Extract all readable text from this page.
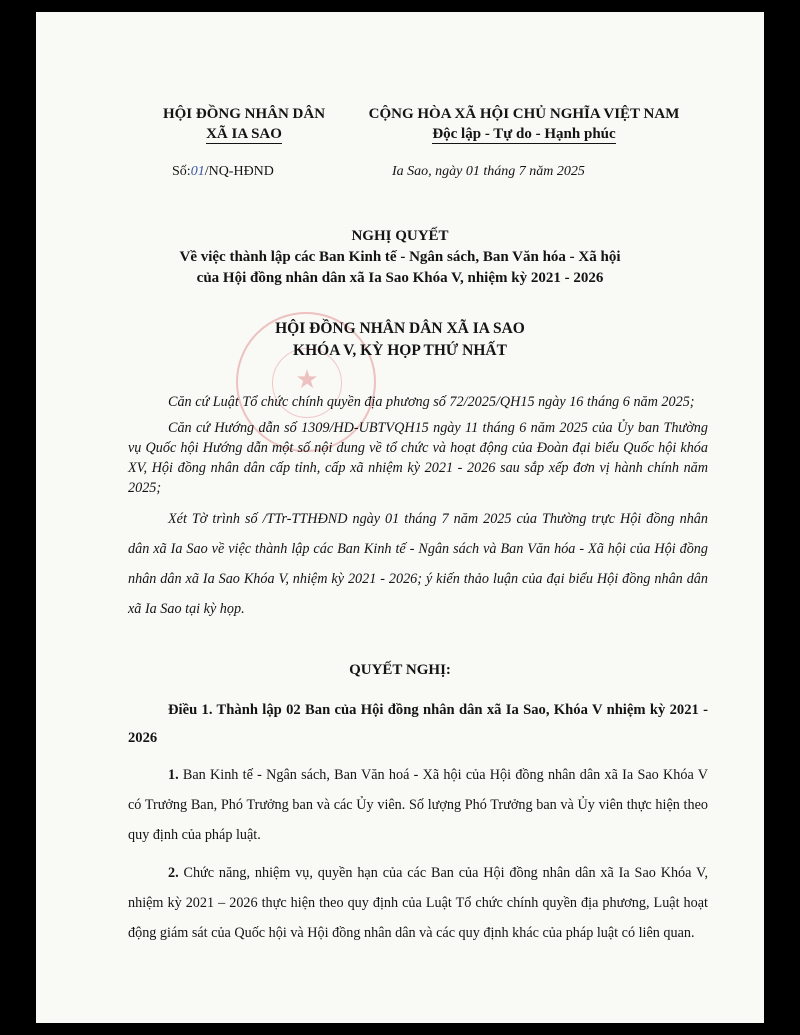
★
HỘI ĐỒNG NHÂN DÂN
XÃ IA SAO
CỘNG HÒA XÃ HỘI CHỦ NGHĨA VIỆT NAM
Độc lập - Tự do - Hạnh phúc
Số:01/NQ-HĐND	Ia Sao, ngày 01 tháng 7 năm 2025
NGHỊ QUYẾT
Về việc thành lập các Ban Kinh tế - Ngân sách, Ban Văn hóa - Xã hội
của Hội đồng nhân dân xã Ia Sao Khóa V, nhiệm kỳ 2021 - 2026
HỘI ĐỒNG NHÂN DÂN XÃ IA SAO
KHÓA V, KỲ HỌP THỨ NHẤT

Căn cứ Luật Tổ chức chính quyền địa phương số 72/2025/QH15 ngày 16 tháng 6 năm 2025;

Căn cứ Hướng dẫn số 1309/HD-UBTVQH15 ngày 11 tháng 6 năm 2025 của Ủy ban Thường vụ Quốc hội Hướng dẫn một số nội dung về tổ chức và hoạt động của Đoàn đại biểu Quốc hội khóa XV, Hội đồng nhân dân cấp tỉnh, cấp xã nhiệm kỳ 2021 - 2026 sau sắp xếp đơn vị hành chính năm 2025;

Xét Tờ trình số /TTr-TTHĐND ngày 01 tháng 7 năm 2025 của Thường trực Hội đồng nhân dân xã Ia Sao về việc thành lập các Ban Kinh tế - Ngân sách và Ban Văn hóa - Xã hội của Hội đồng nhân dân xã Ia Sao Khóa V, nhiệm kỳ 2021 - 2026; ý kiến thảo luận của đại biểu Hội đồng nhân dân xã Ia Sao tại kỳ họp.

QUYẾT NGHỊ:
Điều 1. Thành lập 02 Ban của Hội đồng nhân dân xã Ia Sao, Khóa V nhiệm kỳ 2021 - 2026

1. Ban Kinh tế - Ngân sách, Ban Văn hoá - Xã hội của Hội đồng nhân dân xã Ia Sao Khóa V có Trưởng Ban, Phó Trưởng ban và các Ủy viên. Số lượng Phó Trưởng ban và Ủy viên thực hiện theo quy định của pháp luật.

2. Chức năng, nhiệm vụ, quyền hạn của các Ban của Hội đồng nhân dân xã Ia Sao Khóa V, nhiệm kỳ 2021 – 2026 thực hiện theo quy định của Luật Tổ chức chính quyền địa phương, Luật hoạt động giám sát của Quốc hội và Hội đồng nhân dân và các quy định khác của pháp luật có liên quan.
